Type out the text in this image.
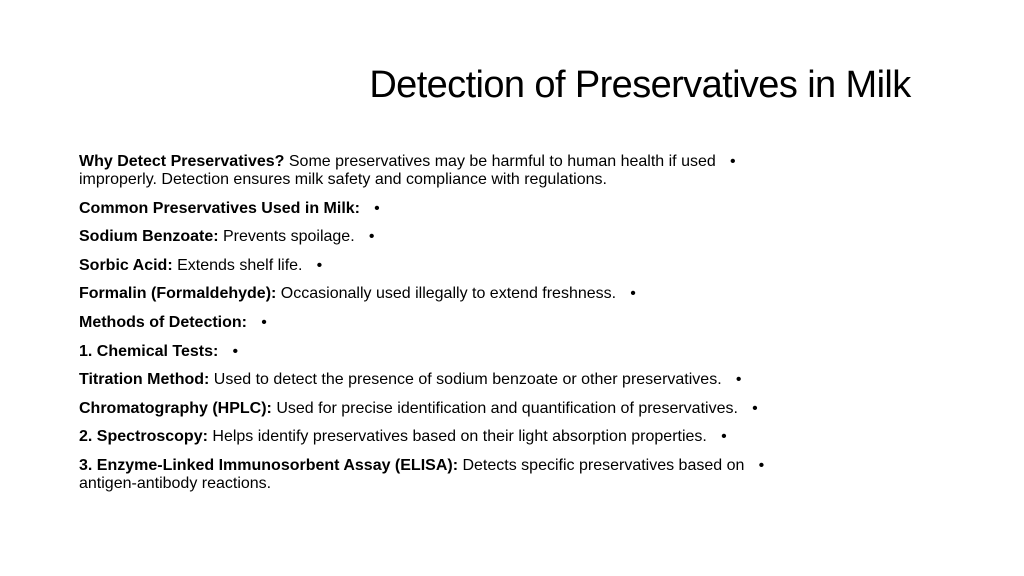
Detection of Preservatives in Milk
Why Detect Preservatives? Some preservatives may be harmful to human health if used •
improperly. Detection ensures milk safety and compliance with regulations.
Common Preservatives Used in Milk: •
Sodium Benzoate: Prevents spoilage. •
Sorbic Acid: Extends shelf life. •
Formalin (Formaldehyde): Occasionally used illegally to extend freshness. •
Methods of Detection: •
1. Chemical Tests: •
Titration Method: Used to detect the presence of sodium benzoate or other preservatives. •
Chromatography (HPLC): Used for precise identification and quantification of preservatives. •
2. Spectroscopy: Helps identify preservatives based on their light absorption properties. •
3. Enzyme-Linked Immunosorbent Assay (ELISA): Detects specific preservatives based on •
antigen-antibody reactions.
